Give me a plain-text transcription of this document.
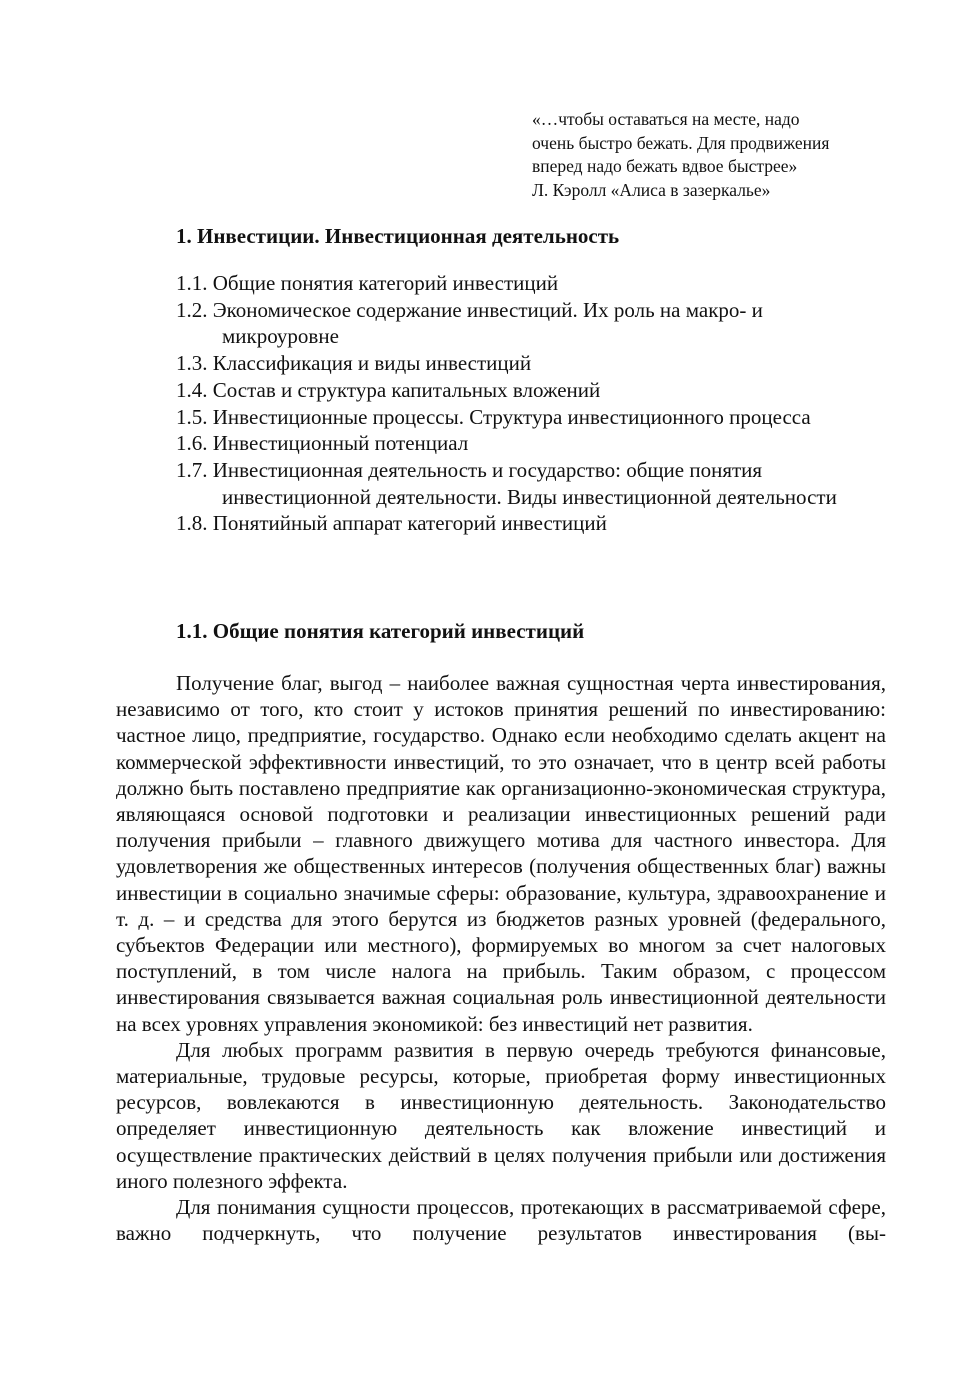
«…чтобы оставаться на месте, надо
очень быстро бежать. Для продвижения
вперед надо бежать вдвое быстрее»
Л. Кэролл «Алиса в зазеркалье»
1. Инвестиции. Инвестиционная деятельность
1.1. Общие понятия категорий инвестиций
1.2. Экономическое содержание инвестиций. Их роль на макро- и микроуровне
1.3. Классификация и виды инвестиций
1.4. Состав и структура капитальных вложений
1.5. Инвестиционные процессы. Структура инвестиционного процесса
1.6. Инвестиционный потенциал
1.7. Инвестиционная деятельность и государство: общие понятия инвестиционной деятельности. Виды инвестиционной деятельности
1.8. Понятийный аппарат категорий инвестиций
1.1. Общие понятия категорий инвестиций

Получение благ, выгод – наиболее важная сущностная черта инвестирования, независимо от того, кто стоит у истоков принятия решений по инвестированию: частное лицо, предприятие, государство. Однако если необходимо сделать акцент на коммерческой эффективности инвестиций, то это означает, что в центр всей работы должно быть поставлено предприятие как организационно-экономическая структура, являющаяся основой подготовки и реализации инвестиционных решений ради получения прибыли – главного движущего мотива для частного инвестора. Для удовлетворения же общественных интересов (получения общественных благ) важны инвестиции в социально значимые сферы: образование, культура, здравоохранение и т. д. – и средства для этого берутся из бюджетов разных уровней (федерального, субъектов Федерации или местного), формируемых во многом за счет налоговых поступлений, в том числе налога на прибыль. Таким образом, с процессом инвестирования связывается важная социальная роль инвестиционной деятельности на всех уровнях управления экономикой: без инвестиций нет развития.

Для любых программ развития в первую очередь требуются финансовые, материальные, трудовые ресурсы, которые, приобретая форму инвестиционных ресурсов, вовлекаются в инвестиционную деятельность. Законодательство определяет инвестиционную деятельность как вложение инвестиций и осуществление практических действий в целях получения прибыли или достижения иного полезного эффекта.

Для понимания сущности процессов, протекающих в рассматриваемой сфере, важно подчеркнуть, что получение результатов инвестирования (вы-
